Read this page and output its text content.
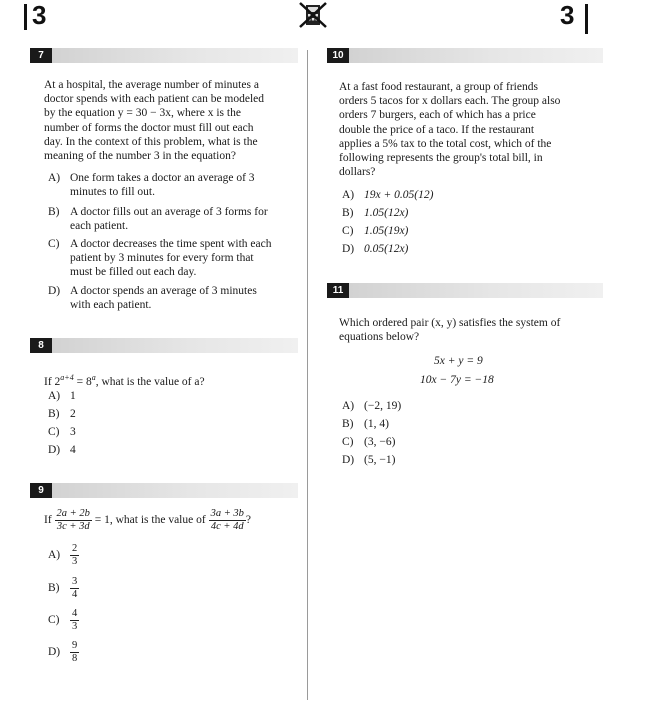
3	3
7
At a hospital, the average number of minutes a
doctor spends with each patient can be modeled
by the equation y = 30 − 3x, where x is the
number of forms the doctor must fill out each
day. In the context of this problem, what is the
meaning of the number 3 in the equation?
A) One form takes a doctor an average of 3
minutes to fill out.
B) A doctor fills out an average of 3 forms for
each patient.
C) A doctor decreases the time spent with each
patient by 3 minutes for every form that
must be filled out each day.
D) A doctor spends an average of 3 minutes
with each patient.
8
If $2^{a+4} = 8^a$, what is the value of a?
A) 1
B) 2
C) 3
D) 4
9
If $\frac{2a + 2b}{3c + 3d} = 1$, what is the value of $\frac{3a + 3b}{4c + 4d}$ ?
$A) \frac{2}{3}$
$B) \frac{3}{4}$
$C) \frac{4}{3}$
$D) \frac{9}{8}$
10
At a fast food restaurant, a group of friends
orders 5 tacos for x dollars each. The group also
orders 7 burgers, each of which has a price
double the price of a taco. If the restaurant
applies a 5% tax to the total cost, which of the
following represents the group's total bill, in
dollars?
A) 19x + 0.05(12)
B) 1.05(12x)
C) 1.05(19x)
D) 0.05(12x)
11
Which ordered pair (x, y) satisfies the system of
equations below?
5x + y = 9
10x − 7y = −18
A) (−2, 19)
B) (1, 4)
C) (3, −6)
D) (5, −1)
